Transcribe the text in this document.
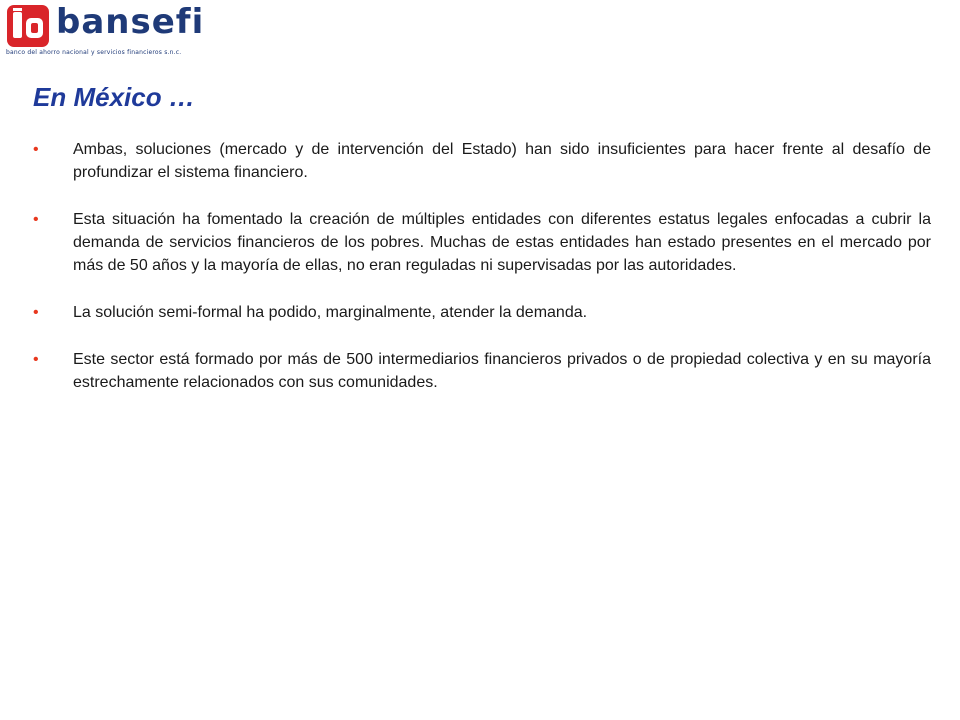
bansefi
banco del ahorro nacional y servicios financieros s.n.c.
En México …
• Ambas, soluciones (mercado y de intervención del Estado) han sido insuficientes para hacer frente al desafío de profundizar el sistema financiero.
• Esta situación ha fomentado la creación de múltiples entidades con diferentes estatus legales enfocadas a cubrir la demanda de servicios financieros de los pobres. Muchas de estas entidades han estado presentes en el mercado por más de 50 años y la mayoría de ellas, no eran reguladas ni supervisadas por las autoridades.
• La solución semi-formal ha podido, marginalmente, atender la demanda.
• Este sector está formado por más de 500 intermediarios financieros privados o de propiedad colectiva y en su mayoría estrechamente relacionados con sus comunidades.
